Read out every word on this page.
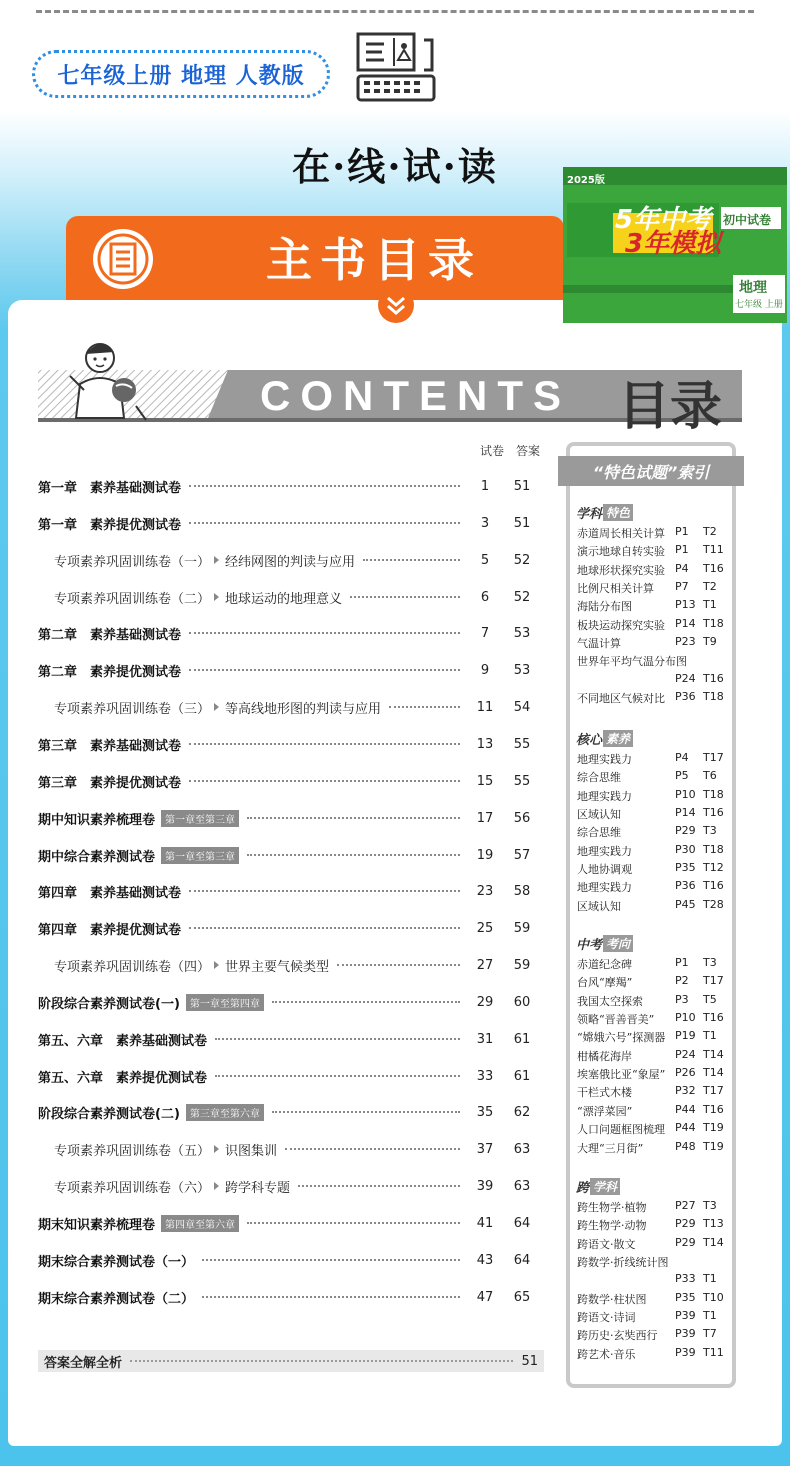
七年级上册 地理 人教版
在·线·试·读
主书目录
2025版
5年中考
3年模拟
初中试卷
地理
七年级 上册
CONTENTS 目录
试卷 答案
第一章　素养基础测试卷	1	51
第一章　素养提优测试卷	3	51
专项素养巩固训练卷（一） 经纬网图的判读与应用	5	52
专项素养巩固训练卷（二） 地球运动的地理意义	6	52
第二章　素养基础测试卷	7	53
第二章　素养提优测试卷	9	53
专项素养巩固训练卷（三） 等高线地形图的判读与应用	11	54
第三章　素养基础测试卷	13	55
第三章　素养提优测试卷	15	55
期中知识素养梳理卷	第一章至第三章	17	56
期中综合素养测试卷	第一章至第三章	19	57
第四章　素养基础测试卷	23	58
第四章　素养提优测试卷	25	59
专项素养巩固训练卷（四） 世界主要气候类型	27	59
阶段综合素养测试卷(一)	第一章至第四章	29	60
第五、六章　素养基础测试卷	31	61
第五、六章　素养提优测试卷	33	61
阶段综合素养测试卷(二)	第三章至第六章	35	62
专项素养巩固训练卷（五） 识图集训	37	63
专项素养巩固训练卷（六） 跨学科专题	39	63
期末知识素养梳理卷	第四章至第六章	41	64
期末综合素养测试卷（一）	43	64
期末综合素养测试卷（二）	47	65
答案全解全析	51
“特色试题”索引
学科 特色
赤道周长相关计算 P1	T2
演示地球自转实验 P1	T11
地球形状探究实验 P4	T16
比例尺相关计算	P7	T2
海陆分布图	P13 T1
板块运动探究实验 P14 T18
气温计算	P23 T9
世界年平均气温分布图
P24 T16
不同地区气候对比 P36 T18
核心 素养
地理实践力	P4	T17
综合思维	P5	T6
地理实践力	P10 T18
区域认知	P14 T16
综合思维	P29 T3
地理实践力	P30 T18
人地协调观	P35 T12
地理实践力	P36 T16
区域认知	P45 T28
中考 考向
赤道纪念碑	P1	T3
台风“摩羯”	P2	T17
我国太空探索	P3	T5
领略“晋善晋美”	P10 T16
“嫦娥六号”探测器 P19 T1
柑橘花海岸	P24 T14
埃塞俄比亚“象屋” P26 T14
干栏式木楼	P32 T17
“漂浮菜园”	P44 T16
人口问题框图梳理 P44 T19
大理“三月街”	P48 T19
跨 学科
跨生物学·植物	P27 T3
跨生物学·动物	P29 T13
跨语文·散文	P29 T14
跨数学·折线统计图
P33 T1
跨数学·柱状图	P35 T10
跨语文·诗词	P39 T1
跨历史·玄奘西行	P39 T7
跨艺术·音乐	P39 T11
